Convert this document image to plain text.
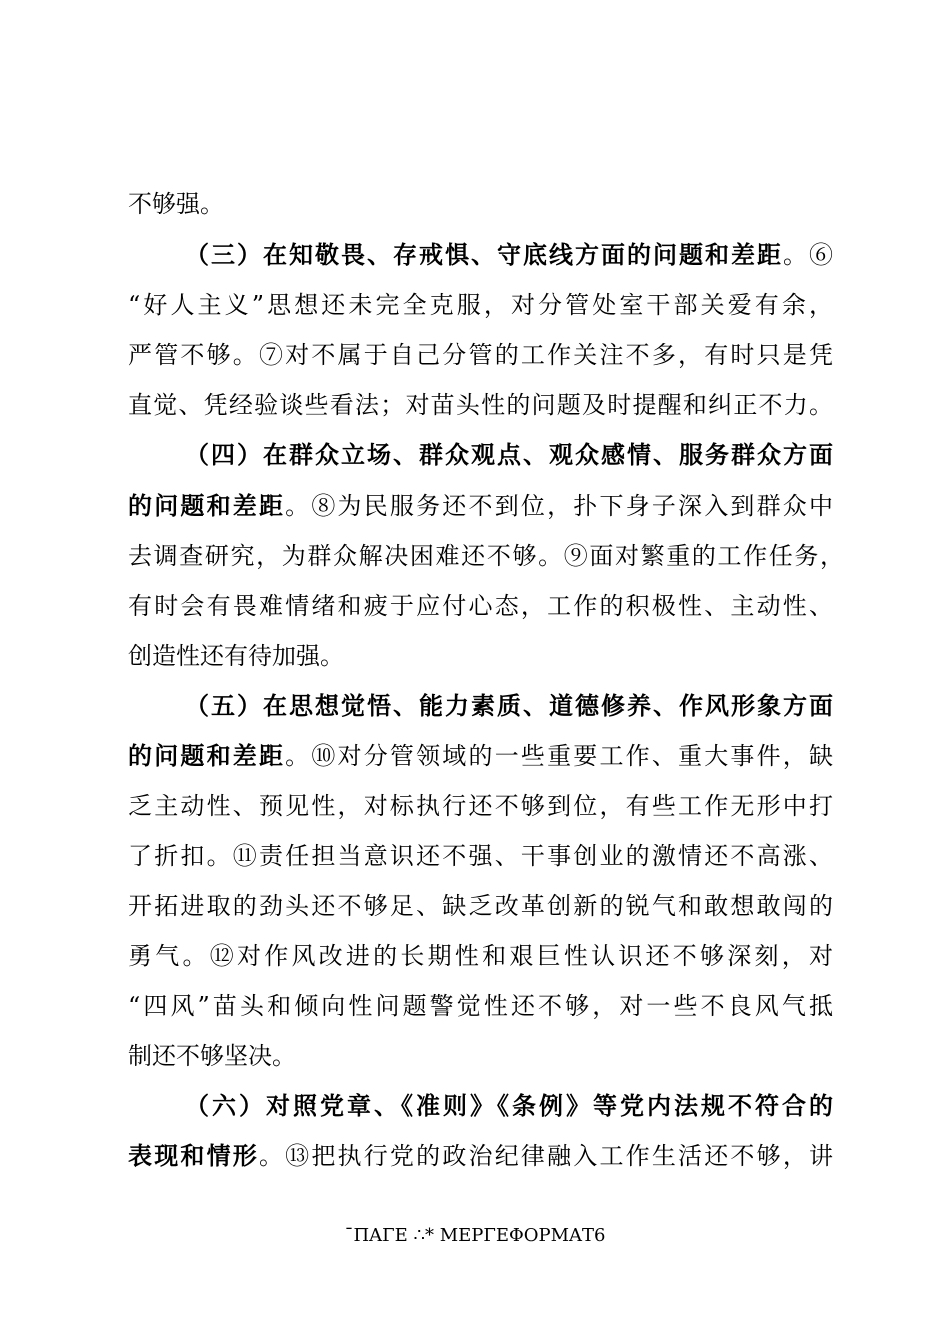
不够强。
（三）在知敬畏、存戒惧、守底线方面的问题和差距。⑥
“好人主义”思想还未完全克服，对分管处室干部关爱有余，
严管不够。⑦对不属于自己分管的工作关注不多，有时只是凭
直觉、凭经验谈些看法；对苗头性的问题及时提醒和纠正不力。
（四）在群众立场、群众观点、观众感情、服务群众方面
的问题和差距。⑧为民服务还不到位，扑下身子深入到群众中
去调查研究，为群众解决困难还不够。⑨面对繁重的工作任务，
有时会有畏难情绪和疲于应付心态，工作的积极性、主动性、
创造性还有待加强。
（五）在思想觉悟、能力素质、道德修养、作风形象方面
的问题和差距。⑩对分管领域的一些重要工作、重大事件，缺
乏主动性、预见性，对标执行还不够到位，有些工作无形中打
了折扣。⑪责任担当意识还不强、干事创业的激情还不高涨、
开拓进取的劲头还不够足、缺乏改革创新的锐气和敢想敢闯的
勇气。⑫对作风改进的长期性和艰巨性认识还不够深刻，对
“四风”苗头和倾向性问题警觉性还不够，对一些不良风气抵
制还不够坚决。
（六）对照党章、《准则》《条例》等党内法规不符合的
表现和情形。⑬把执行党的政治纪律融入工作生活还不够，讲
ˉΠΑΓΕ ∴* ΜΕΡΓΕΦΟΡΜΑΤ6
